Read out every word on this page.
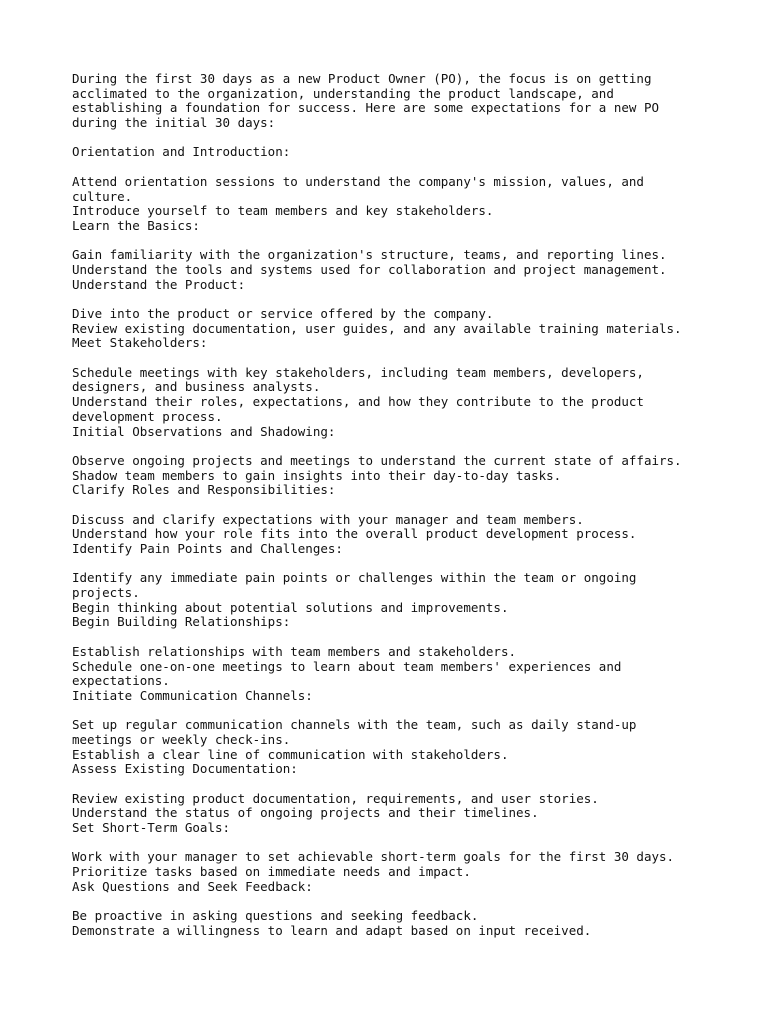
During the first 30 days as a new Product Owner (PO), the focus is on getting
acclimated to the organization, understanding the product landscape, and
establishing a foundation for success. Here are some expectations for a new PO
during the initial 30 days:
Orientation and Introduction:
Attend orientation sessions to understand the company's mission, values, and
culture.
Introduce yourself to team members and key stakeholders.
Learn the Basics:
Gain familiarity with the organization's structure, teams, and reporting lines.
Understand the tools and systems used for collaboration and project management.
Understand the Product:
Dive into the product or service offered by the company.
Review existing documentation, user guides, and any available training materials.
Meet Stakeholders:
Schedule meetings with key stakeholders, including team members, developers,
designers, and business analysts.
Understand their roles, expectations, and how they contribute to the product
development process.
Initial Observations and Shadowing:
Observe ongoing projects and meetings to understand the current state of affairs.
Shadow team members to gain insights into their day-to-day tasks.
Clarify Roles and Responsibilities:
Discuss and clarify expectations with your manager and team members.
Understand how your role fits into the overall product development process.
Identify Pain Points and Challenges:
Identify any immediate pain points or challenges within the team or ongoing
projects.
Begin thinking about potential solutions and improvements.
Begin Building Relationships:
Establish relationships with team members and stakeholders.
Schedule one-on-one meetings to learn about team members' experiences and
expectations.
Initiate Communication Channels:
Set up regular communication channels with the team, such as daily stand-up
meetings or weekly check-ins.
Establish a clear line of communication with stakeholders.
Assess Existing Documentation:
Review existing product documentation, requirements, and user stories.
Understand the status of ongoing projects and their timelines.
Set Short-Term Goals:
Work with your manager to set achievable short-term goals for the first 30 days.
Prioritize tasks based on immediate needs and impact.
Ask Questions and Seek Feedback:
Be proactive in asking questions and seeking feedback.
Demonstrate a willingness to learn and adapt based on input received.
